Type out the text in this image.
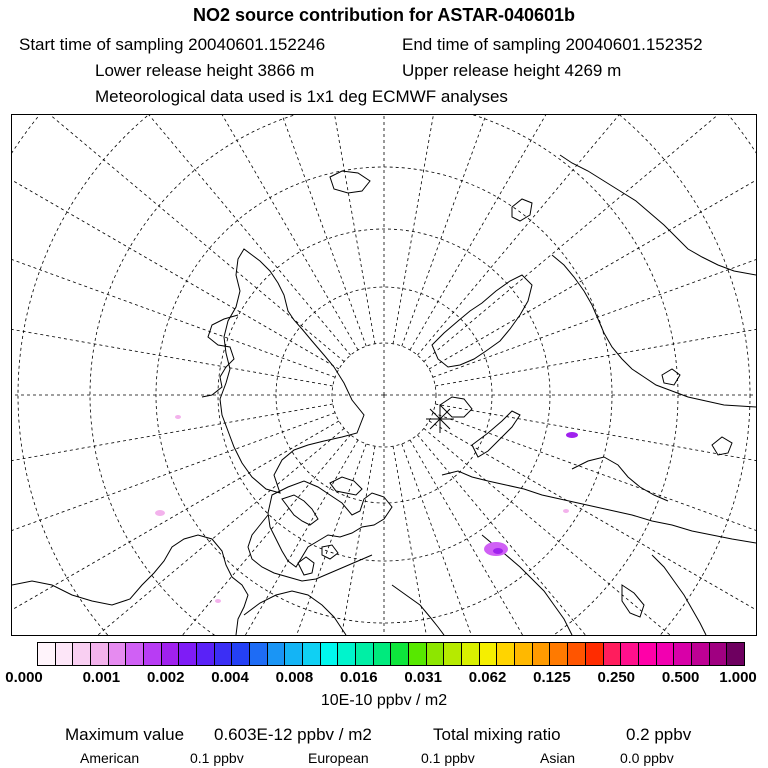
NO2 source contribution for ASTAR-040601b
Start time of sampling 20040601.152246	End time of sampling 20040601.152352
Lower release height 3866 m	Upper release height 4269 m
Meteorological data used is 1x1 deg ECMWF analyses
0.000	0.001 0.002 0.004 0.008 0.016 0.031 0.062 0.125 0.250 0.500 1.000
10E-10 ppbv / m2
Maximum value 0.603E-12 ppbv / m2	Total mixing ratio	0.2 ppbv
American	0.1 ppbv	European	0.1 ppbv	Asian	0.0 ppbv
